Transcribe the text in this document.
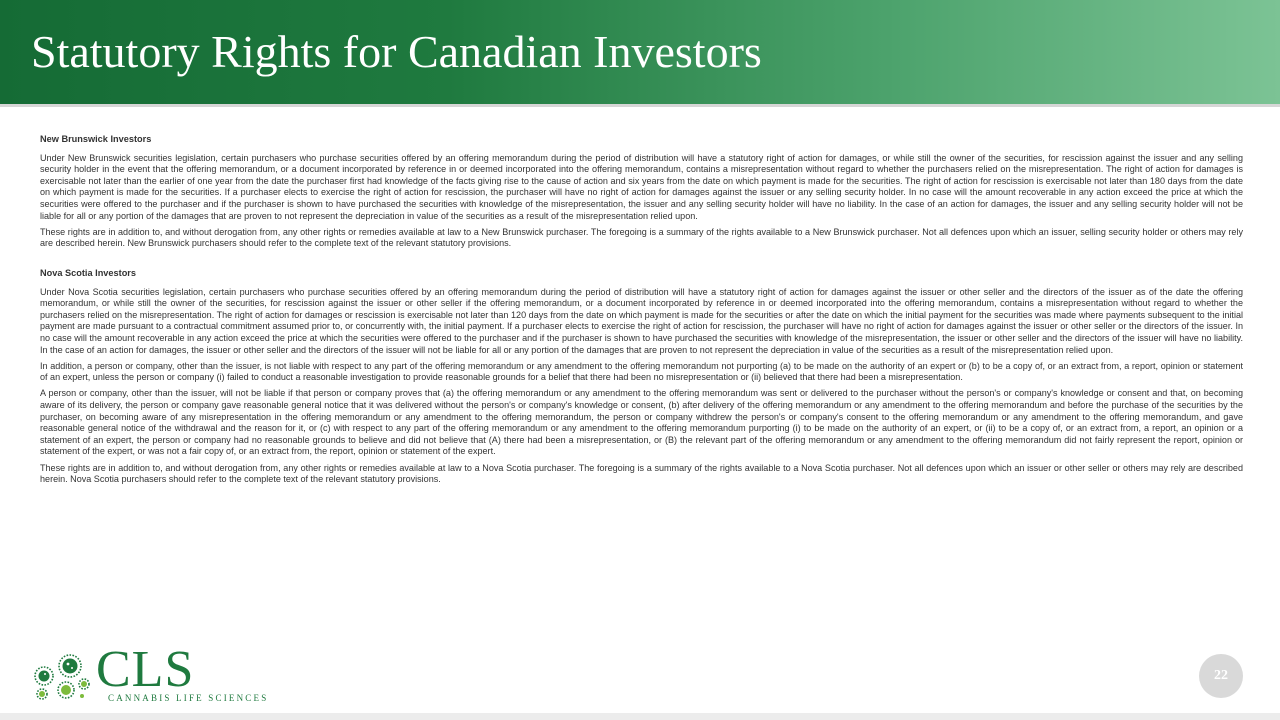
Statutory Rights for Canadian Investors
New Brunswick Investors

Under New Brunswick securities legislation, certain purchasers who purchase securities offered by an offering memorandum during the period of distribution will have a statutory right of action for damages, or while still the owner of the securities, for rescission against the issuer and any selling security holder in the event that the offering memorandum, or a document incorporated by reference in or deemed incorporated into the offering memorandum, contains a misrepresentation without regard to whether the purchasers relied on the misrepresentation. The right of action for damages is exercisable not later than the earlier of one year from the date the purchaser first had knowledge of the facts giving rise to the cause of action and six years from the date on which payment is made for the securities. The right of action for rescission is exercisable not later than 180 days from the date on which payment is made for the securities. If a purchaser elects to exercise the right of action for rescission, the purchaser will have no right of action for damages against the issuer or any selling security holder. In no case will the amount recoverable in any action exceed the price at which the securities were offered to the purchaser and if the purchaser is shown to have purchased the securities with knowledge of the misrepresentation, the issuer and any selling security holder will have no liability. In the case of an action for damages, the issuer and any selling security holder will not be liable for all or any portion of the damages that are proven to not represent the depreciation in value of the securities as a result of the misrepresentation relied upon.

These rights are in addition to, and without derogation from, any other rights or remedies available at law to a New Brunswick purchaser. The foregoing is a summary of the rights available to a New Brunswick purchaser. Not all defences upon which an issuer, selling security holder or others may rely are described herein. New Brunswick purchasers should refer to the complete text of the relevant statutory provisions.

Nova Scotia Investors

Under Nova Scotia securities legislation, certain purchasers who purchase securities offered by an offering memorandum during the period of distribution will have a statutory right of action for damages against the issuer or other seller and the directors of the issuer as of the date the offering memorandum, or while still the owner of the securities, for rescission against the issuer or other seller if the offering memorandum, or a document incorporated by reference in or deemed incorporated into the offering memorandum, contains a misrepresentation without regard to whether the purchasers relied on the misrepresentation. The right of action for damages or rescission is exercisable not later than 120 days from the date on which payment is made for the securities or after the date on which the initial payment for the securities was made where payments subsequent to the initial payment are made pursuant to a contractual commitment assumed prior to, or concurrently with, the initial payment. If a purchaser elects to exercise the right of action for rescission, the purchaser will have no right of action for damages against the issuer or other seller or the directors of the issuer. In no case will the amount recoverable in any action exceed the price at which the securities were offered to the purchaser and if the purchaser is shown to have purchased the securities with knowledge of the misrepresentation, the issuer or other seller and the directors of the issuer will have no liability. In the case of an action for damages, the issuer or other seller and the directors of the issuer will not be liable for all or any portion of the damages that are proven to not represent the depreciation in value of the securities as a result of the misrepresentation relied upon.

In addition, a person or company, other than the issuer, is not liable with respect to any part of the offering memorandum or any amendment to the offering memorandum not purporting (a) to be made on the authority of an expert or (b) to be a copy of, or an extract from, a report, opinion or statement of an expert, unless the person or company (i) failed to conduct a reasonable investigation to provide reasonable grounds for a belief that there had been no misrepresentation or (ii) believed that there had been a misrepresentation.

A person or company, other than the issuer, will not be liable if that person or company proves that (a) the offering memorandum or any amendment to the offering memorandum was sent or delivered to the purchaser without the person's or company's knowledge or consent and that, on becoming aware of its delivery, the person or company gave reasonable general notice that it was delivered without the person's or company's knowledge or consent, (b) after delivery of the offering memorandum or any amendment to the offering memorandum and before the purchase of the securities by the purchaser, on becoming aware of any misrepresentation in the offering memorandum or any amendment to the offering memorandum, the person or company withdrew the person's or company's consent to the offering memorandum or any amendment to the offering memorandum, and gave reasonable general notice of the withdrawal and the reason for it, or (c) with respect to any part of the offering memorandum or any amendment to the offering memorandum purporting (i) to be made on the authority of an expert, or (ii) to be a copy of, or an extract from, a report, an opinion or a statement of an expert, the person or company had no reasonable grounds to believe and did not believe that (A) there had been a misrepresentation, or (B) the relevant part of the offering memorandum or any amendment to the offering memorandum did not fairly represent the report, opinion or statement of the expert, or was not a fair copy of, or an extract from, the report, opinion or statement of the expert.

These rights are in addition to, and without derogation from, any other rights or remedies available at law to a Nova Scotia purchaser. The foregoing is a summary of the rights available to a Nova Scotia purchaser. Not all defences upon which an issuer or other seller or others may rely are described herein. Nova Scotia purchasers should refer to the complete text of the relevant statutory provisions.

CLS
CANNABIS LIFE SCIENCES
22
